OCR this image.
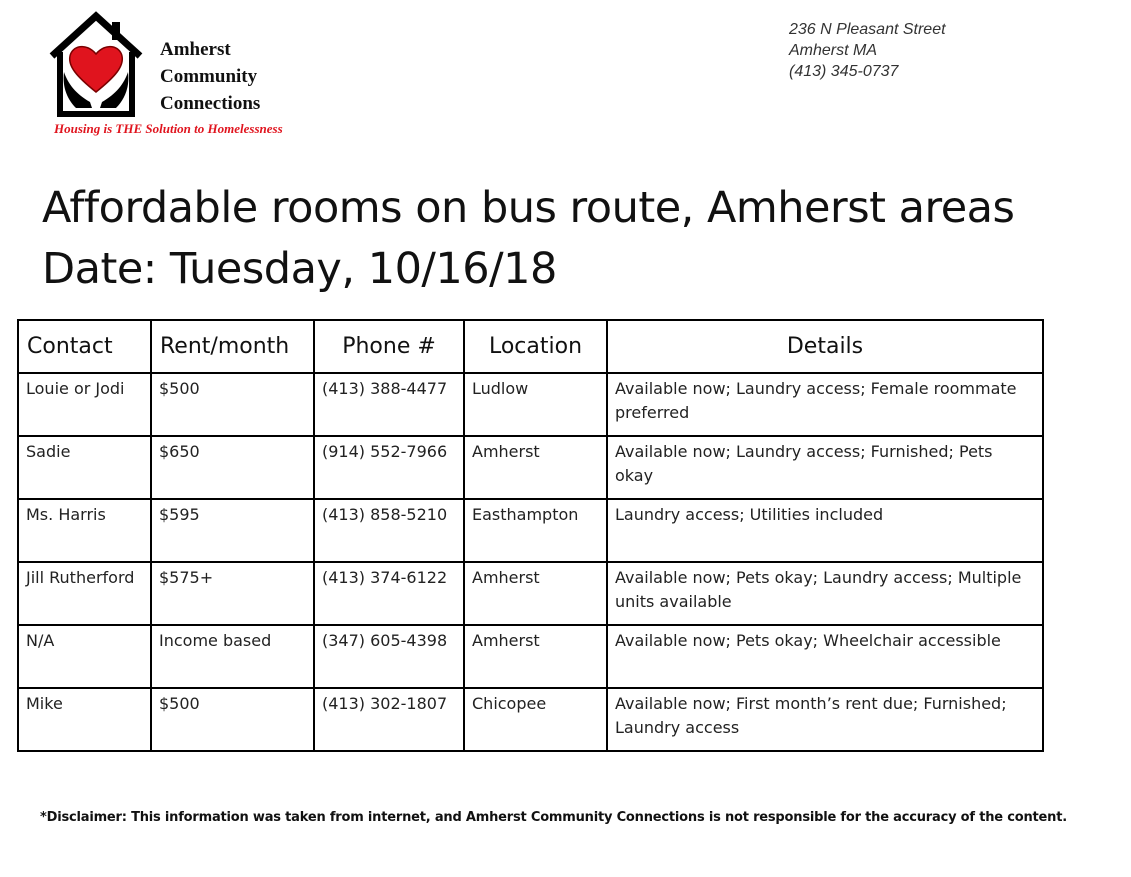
Amherst
Community
Connections
Housing is THE Solution to Homelessness
236 N Pleasant Street
Amherst MA
(413) 345-0737
Affordable rooms on bus route, Amherst areas
Date: Tuesday, 10/16/18
Contact	Rent/month	Phone #	Location	Details
Louie or Jodi	$500	(413) 388-4477	Ludlow	Available now; Laundry access; Female roommate preferred
Sadie	$650	(914) 552-7966	Amherst	Available now; Laundry access; Furnished; Pets okay
Ms. Harris	$595	(413) 858-5210	Easthampton	Laundry access; Utilities included
Jill Rutherford	$575+	(413) 374-6122	Amherst	Available now; Pets okay; Laundry access; Multiple units available
N/A	Income based	(347) 605-4398	Amherst	Available now; Pets okay; Wheelchair accessible
Mike	$500	(413) 302-1807	Chicopee	Available now; First month’s rent due; Furnished; Laundry access
*Disclaimer: This information was taken from internet, and Amherst Community Connections is not responsible for the accuracy of the content.
